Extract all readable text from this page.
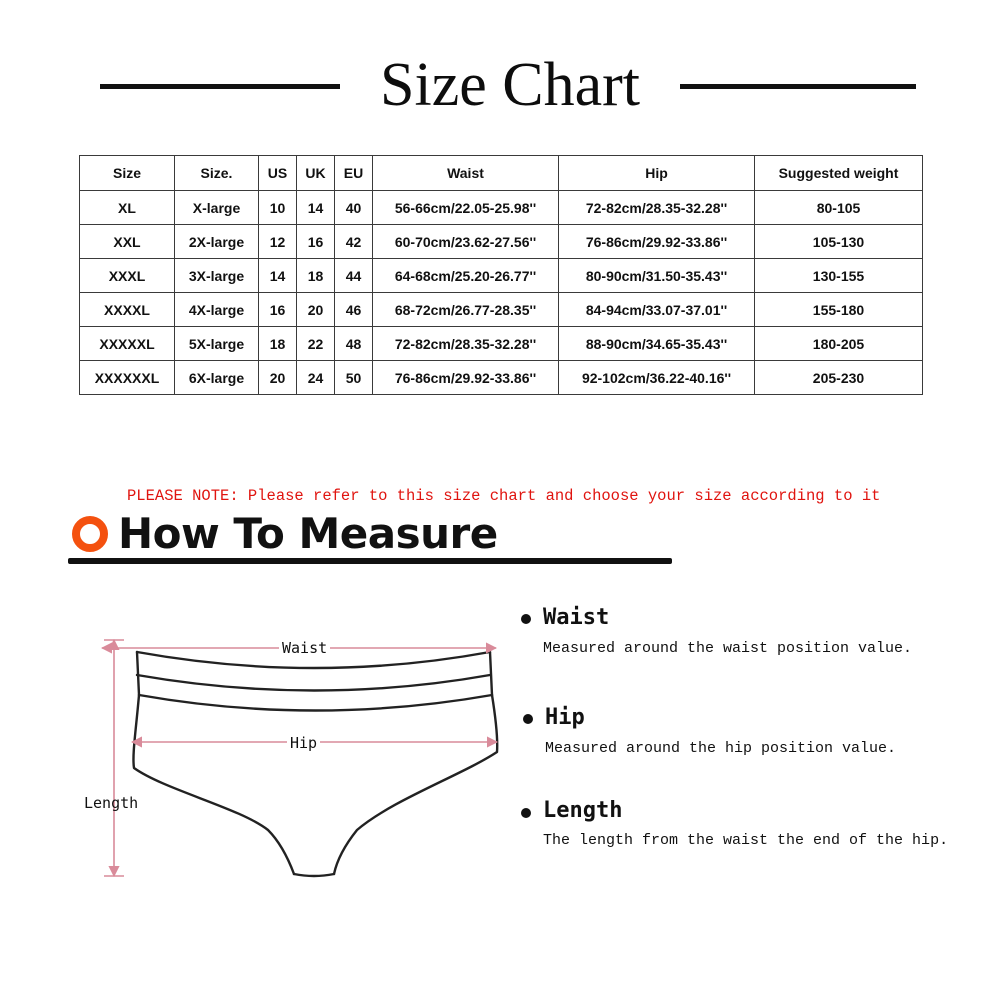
Size Chart
Size	Size.	US	UK	EU	Waist	Hip	Suggested weight
XL	X-large	10	14	40	56-66cm/22.05-25.98''	72-82cm/28.35-32.28''	80-105
XXL	2X-large	12	16	42	60-70cm/23.62-27.56''	76-86cm/29.92-33.86''	105-130
XXXL	3X-large	14	18	44	64-68cm/25.20-26.77''	80-90cm/31.50-35.43''	130-155
XXXXL	4X-large	16	20	46	68-72cm/26.77-28.35''	84-94cm/33.07-37.01''	155-180
XXXXXL	5X-large	18	22	48	72-82cm/28.35-32.28''	88-90cm/34.65-35.43''	180-205
XXXXXXL	6X-large	20	24	50	76-86cm/29.92-33.86''	92-102cm/36.22-40.16''	205-230
PLEASE NOTE: Please refer to this size chart and choose your size according to it
How To Measure
Waist
Hip
Length
Waist
Measured around the waist position value.
Hip
Measured around the hip position value.
Length
The length from the waist the end of the hip.
